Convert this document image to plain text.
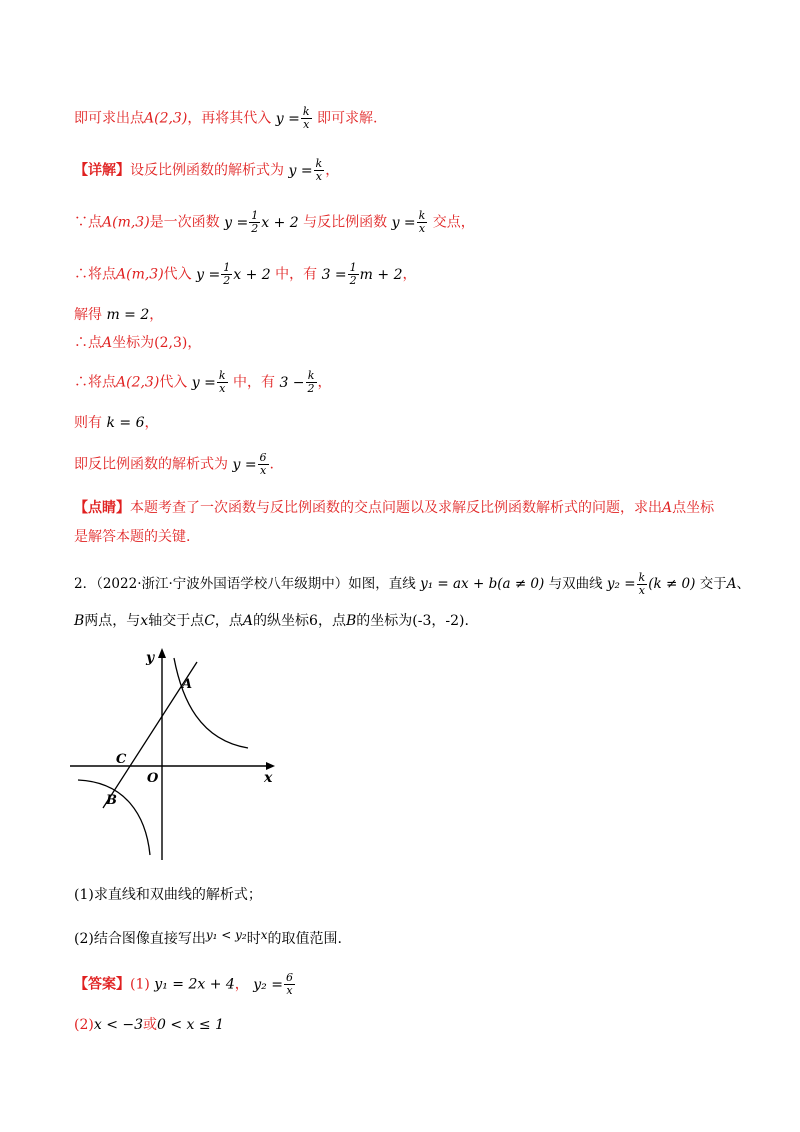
即可求出点A(2,3)，再将其代入 $y = \frac{k}{x}$ 即可求解.
【详解】设反比例函数的解析式为 $y = \frac{k}{x}$ ，
∵点A(m,3)是一次函数 $y = \frac{1}{2}$ x + 2 与反比例函数 $y = \frac{k}{x}$ 交点，
∴将点A(m,3)代入 $y = \frac{1}{2}$ x + 2 中，有 $3 = \frac{1}{2}$ m + 2，
解得 m = 2，
∴点A坐标为(2,3)，
∴将点A(2,3)代入 $y = \frac{k}{x}$ 中，有 $3 - \frac{k}{2}$ ，
则有 k = 6，
即反比例函数的解析式为 $y = \frac{6}{x}$ .
【点睛】本题考查了一次函数与反比例函数的交点问题以及求解反比例函数解析式的问题，求出A点坐标
是解答本题的关键.
2．（2022·浙江·宁波外国语学校八年级期中）如图，直线 y₁ = ax + b(a ≠ 0) 与双曲线 $y_2 = \frac{k}{x} (k \ne 0)$ 交于A、
B两点，与x轴交于点C，点A的纵坐标6，点B的坐标为(-3，-2).
y
x
O
A
B
C
(1)求直线和双曲线的解析式；
(2)结合图像直接写出y₁ < y₂时x的取值范围.
【答案】(1) y₁ = 2x + 4， $y_2 = \frac{6}{x}$
(2)x < −3或0 < x ≤ 1
